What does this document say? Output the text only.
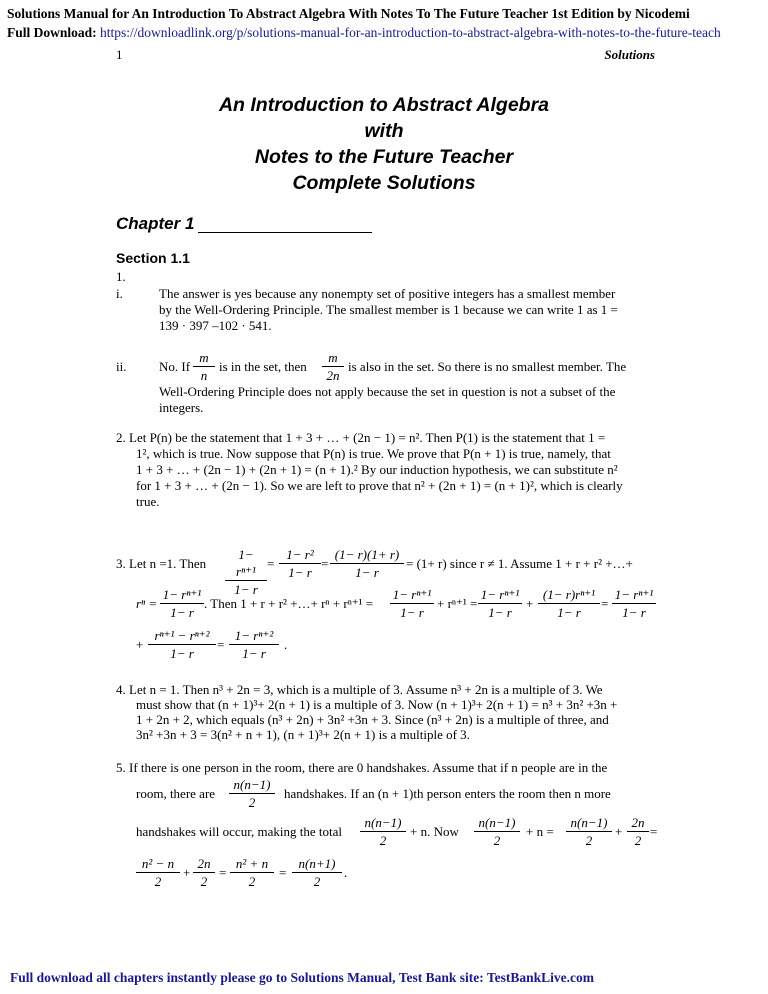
Solutions Manual for An Introduction To Abstract Algebra With Notes To The Future Teacher 1st Edition by Nicodemi
Full Download: https://downloadlink.org/p/solutions-manual-for-an-introduction-to-abstract-algebra-with-notes-to-the-future-teach
1	Solutions
An Introduction to Abstract Algebra
with
Notes to the Future Teacher
Complete Solutions
Chapter 1
Section 1.1
1.
i.	The answer is yes because any nonempty set of positive integers has a smallest member
by the Well-Ordering Principle. The smallest member is 1 because we can write 1 as 1 =
139 · 397 –102 · 541.
ii.	No. If $\frac{m}{n}$ is in the set, then $\frac{m}{2n}$ is also in the set. So there is no smallest member. The
Well-Ordering Principle does not apply because the set in question is not a subset of the
integers.
2. Let P(n) be the statement that 1 + 3 + … + (2n − 1) = n². Then P(1) is the statement that 1 =
1², which is true. Now suppose that P(n) is true. We prove that P(n + 1) is true, namely, that
1 + 3 + … + (2n − 1) + (2n + 1) = (n + 1).² By our induction hypothesis, we can substitute n²
for 1 + 3 + … + (2n − 1). So we are left to prove that n² + (2n + 1) = (n + 1)², which is clearly
true.
3. Let n =1. Then $\frac{\text{1− rⁿ⁺¹}}{1- r} = \frac{\text{1− r²}}{1- r} = \frac{(1- r)(1+ r)}{1- r} = (1+ r)$ since r ≠ 1. Assume 1 + r + r² +…+
$r^n = \frac{\text{1− rⁿ⁺¹}}{1- r}$ . Then 1 + r + r² +…+ $r^n + r^{n+1} = \frac{\text{1− rⁿ⁺¹}}{1- r} + r^{n+1} = \frac{\text{1− rⁿ⁺¹}}{1- r} + \frac{\text{(1− r)rⁿ⁺¹}}{1- r} = \frac{\text{1− rⁿ⁺¹}}{1- r}$
+ $\frac{\text{rⁿ⁺¹ − rⁿ⁺²}}{1- r} = \frac{\text{1− rⁿ⁺²}}{1- r}$ .
4. Let n = 1. Then n³ + 2n = 3, which is a multiple of 3. Assume n³ + 2n is a multiple of 3. We
must show that (n + 1)³+ 2(n + 1) is a multiple of 3. Now (n + 1)³+ 2(n + 1) = n³ + 3n² +3n +
1 + 2n + 2, which equals (n³ + 2n) + 3n² +3n + 3. Since (n³ + 2n) is a multiple of three, and
3n² +3n + 3 = 3(n² + n + 1), (n + 1)³+ 2(n + 1) is a multiple of 3.
5. If there is one person in the room, there are 0 handshakes. Assume that if n people are in the
room, there are $\frac{n(n-1)}{2}$ handshakes. If an (n + 1)th person enters the room then n more
handshakes will occur, making the total $\frac{n(n-1)}{2} + n$. Now $\frac{n(n-1)}{2} + n = \frac{n(n-1)}{2} + \frac{2n}{2}$ =
$\frac{\text{n² − n}}{2} + \frac{2n}{2} = \frac{\text{n² + n}}{2} = \frac{n(n+1)}{2}$ .
Full download all chapters instantly please go to Solutions Manual, Test Bank site: TestBankLive.com
